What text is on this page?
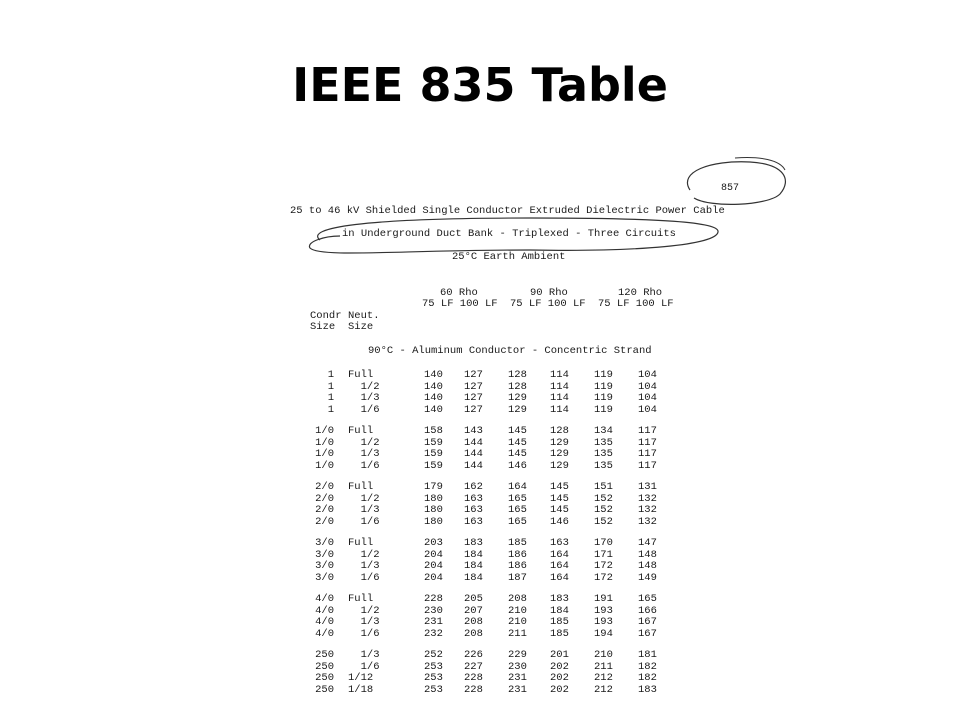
IEEE 835 Table
857
25 to 46 kV Shielded Single Conductor Extruded Dielectric Power Cable
in Underground Duct Bank - Triplexed - Three Circuits
25°C Earth Ambient
60 Rho	90 Rho	120 Rho
75 LF 100 LF 75 LF 100 LF 75 LF 100 LF
Condr Neut.
Size Size
90°C - Aluminum Conductor - Concentric Strand
1 Full	140 127 128 114 119 104
1 1/2	140 127 128 114 119 104
1 1/3	140 127 129 114 119 104
1 1/6	140 127 129 114 119 104
1/0 Full	158 143 145 128 134 117
1/0 1/2	159 144 145 129 135 117
1/0 1/3	159 144 145 129 135 117
1/0 1/6	159 144 146 129 135 117
2/0 Full	179 162 164 145 151 131
2/0 1/2	180 163 165 145 152 132
2/0 1/3	180 163 165 145 152 132
2/0 1/6	180 163 165 146 152 132
3/0 Full	203 183 185 163 170 147
3/0 1/2	204 184 186 164 171 148
3/0 1/3	204 184 186 164 172 148
3/0 1/6	204 184 187 164 172 149
4/0 Full	228 205 208 183 191 165
4/0 1/2	230 207 210 184 193 166
4/0 1/3	231 208 210 185 193 167
4/0 1/6	232 208 211 185 194 167
250 1/3	252 226 229 201 210 181
250 1/6	253 227 230 202 211 182
250 1/12	253 228 231 202 212 182
250 1/18	253 228 231 202 212 183
